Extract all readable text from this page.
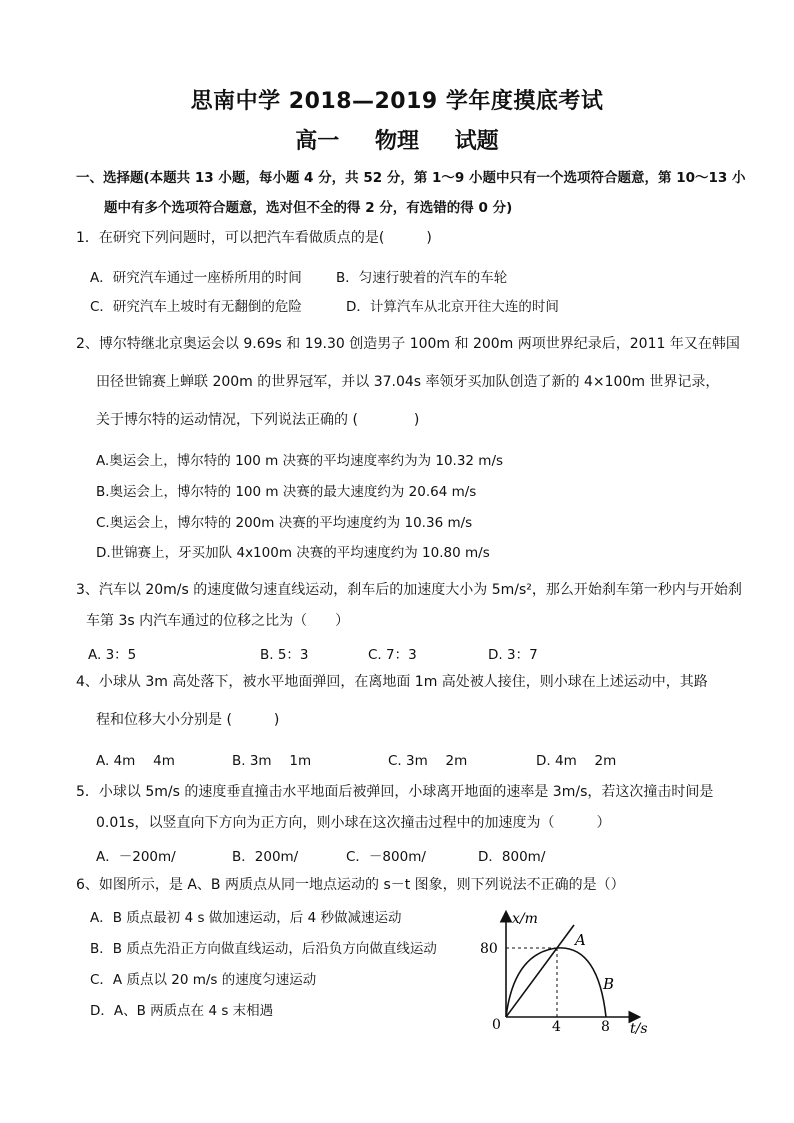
思南中学 2018—2019 学年度摸底考试
高一 物理 试题
一、选择题(本题共 13 小题，每小题 4 分，共 52 分，第 1～9 小题中只有一个选项符合题意，第 10～13 小
题中有多个选项符合题意，选对但不全的得 2 分，有选错的得 0 分)
1．在研究下列问题时，可以把汽车看做质点的是(　　　)
A．研究汽车通过一座桥所用的时间	B．匀速行驶着的汽车的车轮
C．研究汽车上坡时有无翻倒的危险	D．计算汽车从北京开往大连的时间
2、博尔特继北京奥运会以 9.69s 和 19.30 创造男子 100m 和 200m 两项世界纪录后，2011 年又在韩国
田径世锦赛上蝉联 200m 的世界冠军，并以 37.04s 率领牙买加队创造了新的 4×100m 世界记录，
关于博尔特的运动情况，下列说法正确的 (　　　　)
A.奥运会上，博尔特的 100 m 决赛的平均速度率约为为 10.32 m/s
B.奥运会上，博尔特的 100 m 决赛的最大速度约为 20.64 m/s
C.奥运会上，博尔特的 200m 决赛的平均速度约为 10.36 m/s
D.世锦赛上，牙买加队 4x100m 决赛的平均速度约为 10.80 m/s
3、汽车以 20m/s 的速度做匀速直线运动，刹车后的加速度大小为 5m/s²，那么开始刹车第一秒内与开始刹
车第 3s 内汽车通过的位移之比为（　　）
A. 3：5	B. 5：3	C. 7：3	D. 3：7
4、小球从 3m 高处落下，被水平地面弹回，在离地面 1m 高处被人接住，则小球在上述运动中，其路
程和位移大小分别是 (　　　)
A. 4m　 4m	B. 3m　 1m	C. 3m　 2m	D. 4m　 2m
5．小球以 5m/s 的速度垂直撞击水平地面后被弹回，小球离开地面的速率是 3m/s，若这次撞击时间是
0.01s，以竖直向下方向为正方向，则小球在这次撞击过程中的加速度为（　　　）
A．－200m/	B．200m/	C．－800m/	D．800m/
6、如图所示，是 A、B 两质点从同一地点运动的 s－t 图象，则下列说法不正确的是（）
A．B 质点最初 4 s 做加速运动，后 4 秒做减速运动
B．B 质点先沿正方向做直线运动，后沿负方向做直线运动
C．A 质点以 20 m/s 的速度匀速运动
D．A、B 两质点在 4 s 末相遇
x/m
80
0	4	8 t/s
A
B
